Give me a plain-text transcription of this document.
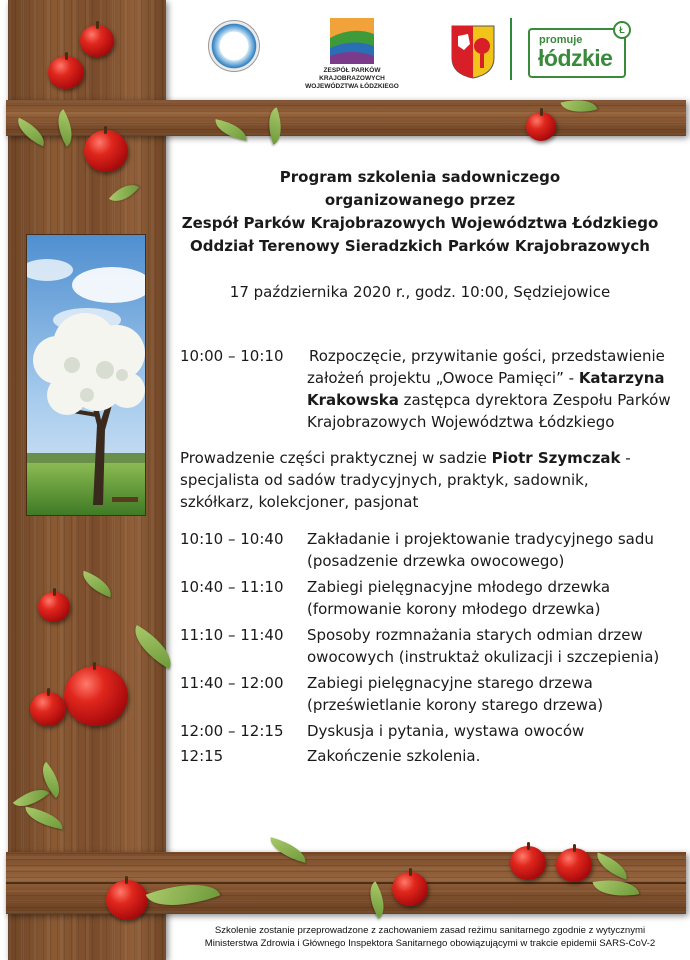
ZESPÓŁ PARKÓW
KRAJOBRAZOWYCH
WOJEWÓDZTWA ŁÓDZKIEGO
promuje
łódzkie
Ł
Program szkolenia sadowniczego
organizowanego przez
Zespół Parków Krajobrazowych Województwa Łódzkiego
Oddział Terenowy Sieradzkich Parków Krajobrazowych
17 października 2020 r., godz. 10:00, Sędziejowice
10:00 – 10:10 Rozpoczęcie, przywitanie gości, przedstawienie założeń projektu „Owoce Pamięci” - Katarzyna Krakowska zastępca dyrektora Zespołu Parków Krajobrazowych Województwa Łódzkiego
Prowadzenie części praktycznej w sadzie Piotr Szymczak - specjalista od sadów tradycyjnych, praktyk, sadownik, szkółkarz, kolekcjoner, pasjonat
10:10 – 10:40 Zakładanie i projektowanie tradycyjnego sadu (posadzenie drzewka owocowego)
10:40 – 11:10 Zabiegi pielęgnacyjne młodego drzewka (formowanie korony młodego drzewka)
11:10 – 11:40 Sposoby rozmnażania starych odmian drzew owocowych (instruktaż okulizacji i szczepienia)
11:40 – 12:00 Zabiegi pielęgnacyjne starego drzewa (prześwietlanie korony starego drzewa)
12:00 – 12:15 Dyskusja i pytania, wystawa owoców
12:15	Zakończenie szkolenia.
Szkolenie zostanie przeprowadzone z zachowaniem zasad reżimu sanitarnego zgodnie z wytycznymi
Ministerstwa Zdrowia i Głównego Inspektora Sanitarnego obowiązującymi w trakcie epidemii SARS-CoV-2
